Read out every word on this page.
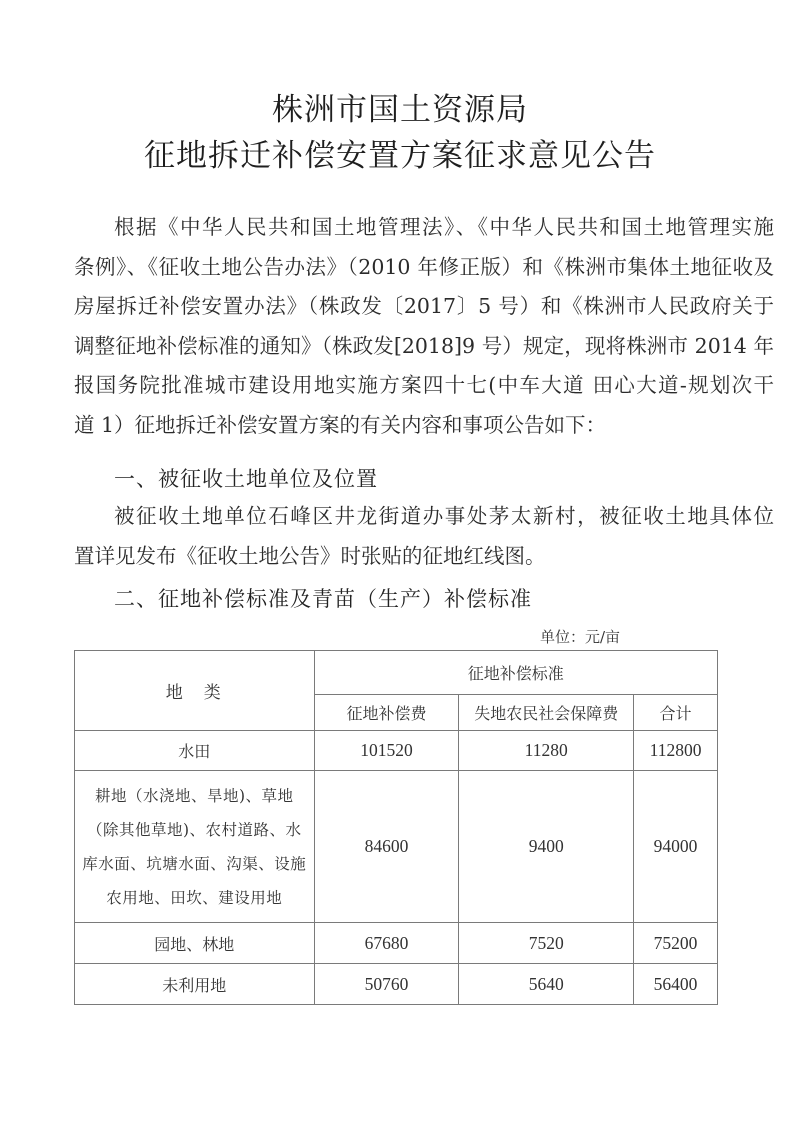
株洲市国土资源局
征地拆迁补偿安置方案征求意见公告
根据《中华人民共和国土地管理法》、《中华人民共和国土地管理实施
条例》、《征收土地公告办法》（2010 年修正版）和《株洲市集体土地征收及
房屋拆迁补偿安置办法》（株政发〔2017〕5 号）和《株洲市人民政府关于
调整征地补偿标准的通知》（株政发[2018]9 号）规定，现将株洲市 2014 年
报国务院批准城市建设用地实施方案四十七(中车大道 田心大道-规划次干
道 1）征地拆迁补偿安置方案的有关内容和事项公告如下：
一、被征收土地单位及位置
被征收土地单位石峰区井龙街道办事处茅太新村，被征收土地具体位
置详见发布《征收土地公告》时张贴的征地红线图。
二、征地补偿标准及青苗（生产）补偿标准
单位：元/亩
地　类	征地补偿标准		
	征地补偿费	失地农民社会保障费	合计
水田	101520	11280	112800
耕地（水浇地、旱地)、草地（除其他草地)、农村道路、水库水面、坑塘水面、沟渠、设施农用地、田坎、建设用地	84600	9400	94000
园地、林地	67680	7520	75200
未利用地	50760	5640	56400
